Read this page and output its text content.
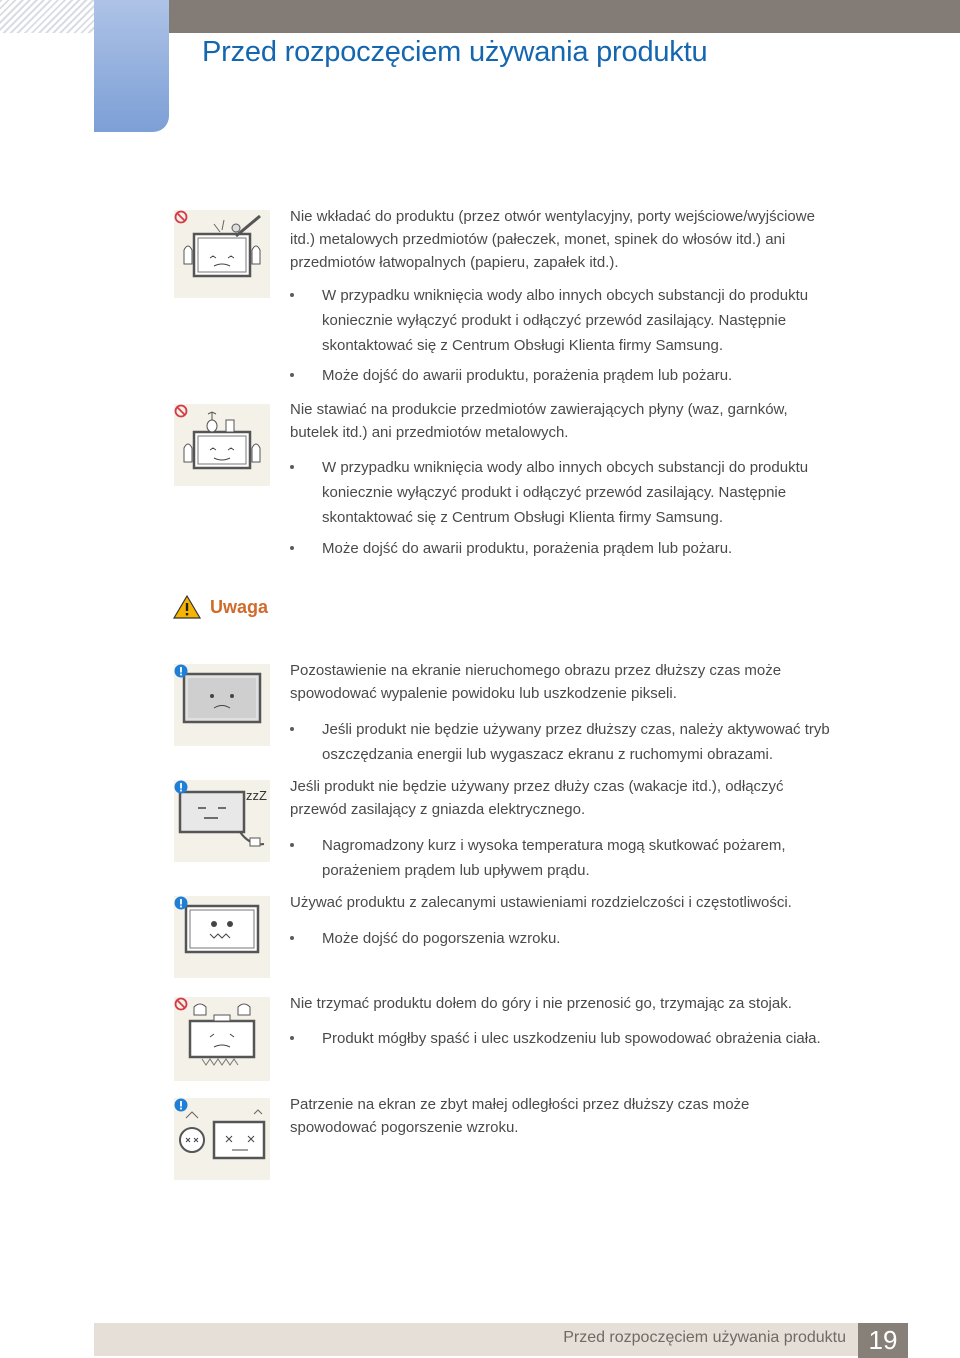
Przed rozpoczęciem używania produktu

Nie wkładać do produktu (przez otwór wentylacyjny, porty wejściowe/wyjściowe

itd.) metalowych przedmiotów (pałeczek, monet, spinek do włosów itd.) ani

przedmiotów łatwopalnych (papieru, zapałek itd.).

W przypadku wniknięcia wody albo innych obcych substancji do produktu koniecznie wyłączyć produkt i odłączyć przewód zasilający. Następnie skontaktować się z Centrum Obsługi Klienta firmy Samsung.
Może dojść do awarii produktu, porażenia prądem lub pożaru.

Nie stawiać na produkcie przedmiotów zawierających płyny (waz, garnków,

butelek itd.) ani przedmiotów metalowych.

W przypadku wniknięcia wody albo innych obcych substancji do produktu koniecznie wyłączyć produkt i odłączyć przewód zasilający. Następnie skontaktować się z Centrum Obsługi Klienta firmy Samsung.
Może dojść do awarii produktu, porażenia prądem lub pożaru.
Uwaga

Pozostawienie na ekranie nieruchomego obrazu przez dłuższy czas może

spowodować wypalenie powidoku lub uszkodzenie pikseli.

Jeśli produkt nie będzie używany przez dłuższy czas, należy aktywować tryb oszczędzania energii lub wygaszacz ekranu z ruchomymi obrazami.
zzZ

Jeśli produkt nie będzie używany przez dłuży czas (wakacje itd.), odłączyć

przewód zasilający z gniazda elektrycznego.

Nagromadzony kurz i wysoka temperatura mogą skutkować pożarem, porażeniem prądem lub upływem prądu.

Używać produktu z zalecanymi ustawieniami rozdzielczości i częstotliwości.

Może dojść do pogorszenia wzroku.

Nie trzymać produktu dołem do góry i nie przenosić go, trzymając za stojak.

Produkt mógłby spaść i ulec uszkodzeniu lub spowodować obrażenia ciała.

Patrzenie na ekran ze zbyt małej odległości przez dłuższy czas może

spowodować pogorszenie wzroku.

Przed rozpoczęciem używania produktu 19
